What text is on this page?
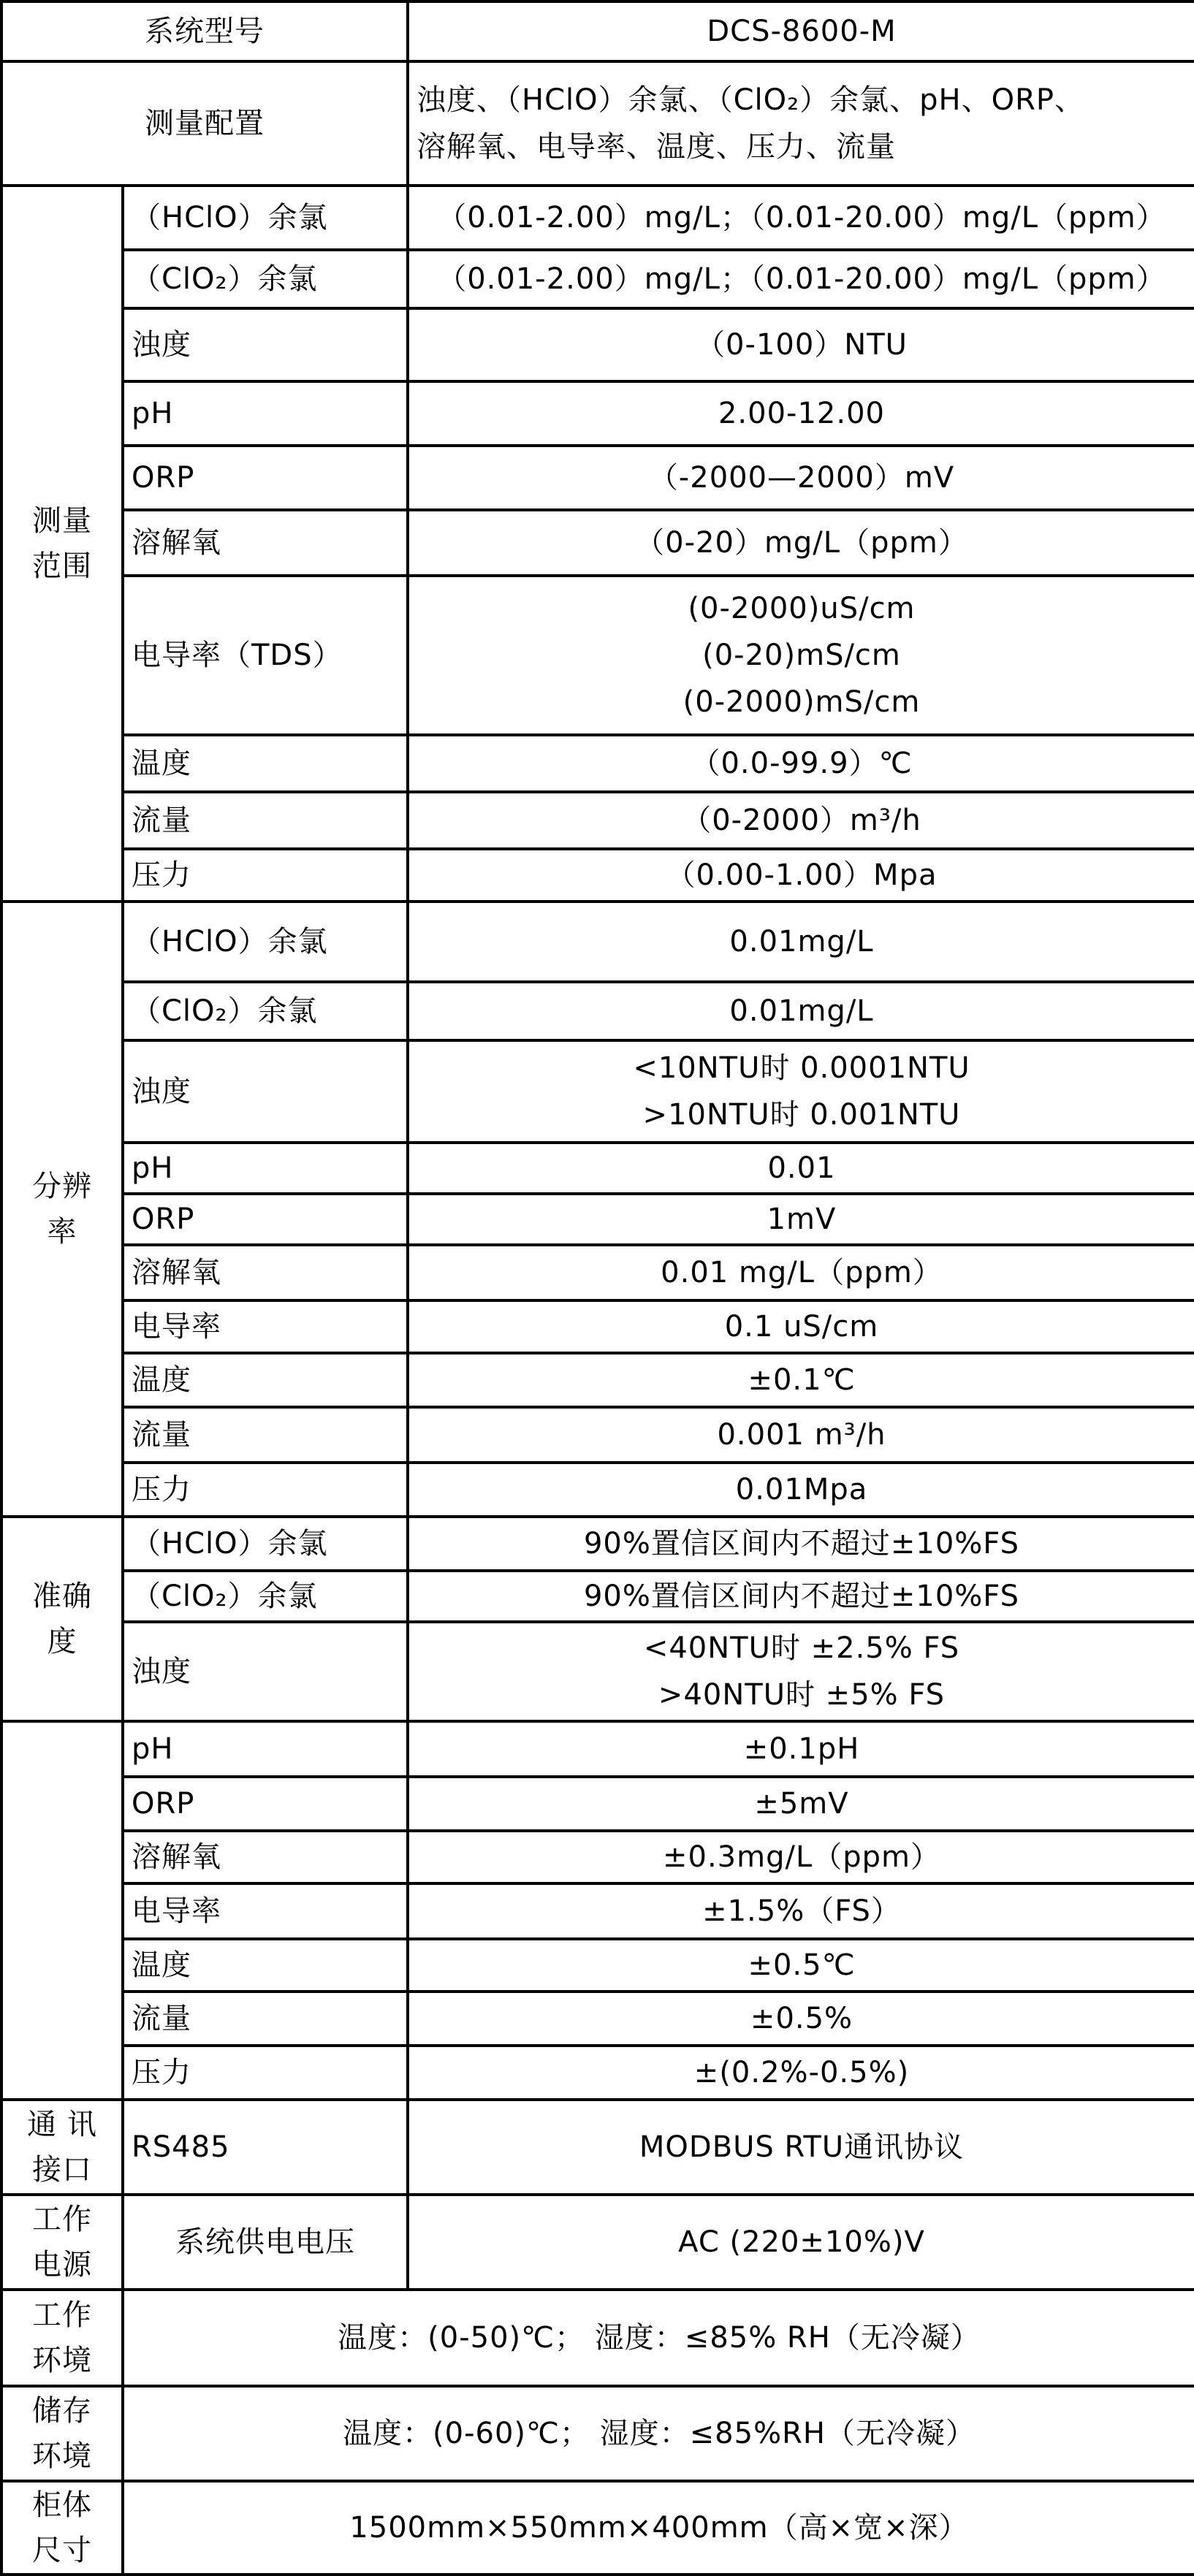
系统型号		DCS-8600-M
测量配置		浊度、（HClO）余氯、（ClO₂）余氯、pH、ORP、
溶解氧、电导率、温度、压力、流量

测量
范围	（HClO）余氯	（0.01-2.00）mg/L；（0.01-20.00）mg/L（ppm）
	（ClO₂）余氯	（0.01-2.00）mg/L；（0.01-20.00）mg/L（ppm）
	浊度	（0-100）NTU
	pH	2.00-12.00
	ORP	（-2000—2000）mV
	溶解氧	（0-20）mg/L（ppm）
	电导率（TDS）	(0-2000)uS/cm
(0-20)mS/cm
(0-2000)mS/cm

	温度	（0.0-99.9）℃
	流量	（0-2000）m³/h
	压力	（0.00-1.00）Mpa

分辨
率	（HClO）余氯	0.01mg/L
	（ClO₂）余氯	0.01mg/L
	浊度	<10NTU时 0.0001NTU
>10NTU时 0.001NTU

	pH	0.01
	ORP	1mV
	溶解氧	0.01 mg/L（ppm）
	电导率	0.1 uS/cm
	温度	±0.1℃
	流量	0.001 m³/h
	压力	0.01Mpa

准确
度	（HClO）余氯	90%置信区间内不超过±10%FS
	（ClO₂）余氯	90%置信区间内不超过±10%FS
	浊度	<40NTU时 ±2.5% FS
>40NTU时 ±5% FS

	pH	±0.1pH
	ORP	±5mV
	溶解氧	±0.3mg/L（ppm）
	电导率	±1.5%（FS）
	温度	±0.5℃
	流量	±0.5%
	压力	±(0.2%-0.5%)

通 讯
接口	RS485	MODBUS RTU通讯协议

工作
电源	系统供电电压	AC (220±10%)V

工作
环境	温度：(0-50)℃； 湿度：≤85% RH（无冷凝）	

储存
环境	温度：(0-60)℃； 湿度：≤85%RH（无冷凝）	

柜体
尺寸	1500mm×550mm×400mm（高×宽×深）	
